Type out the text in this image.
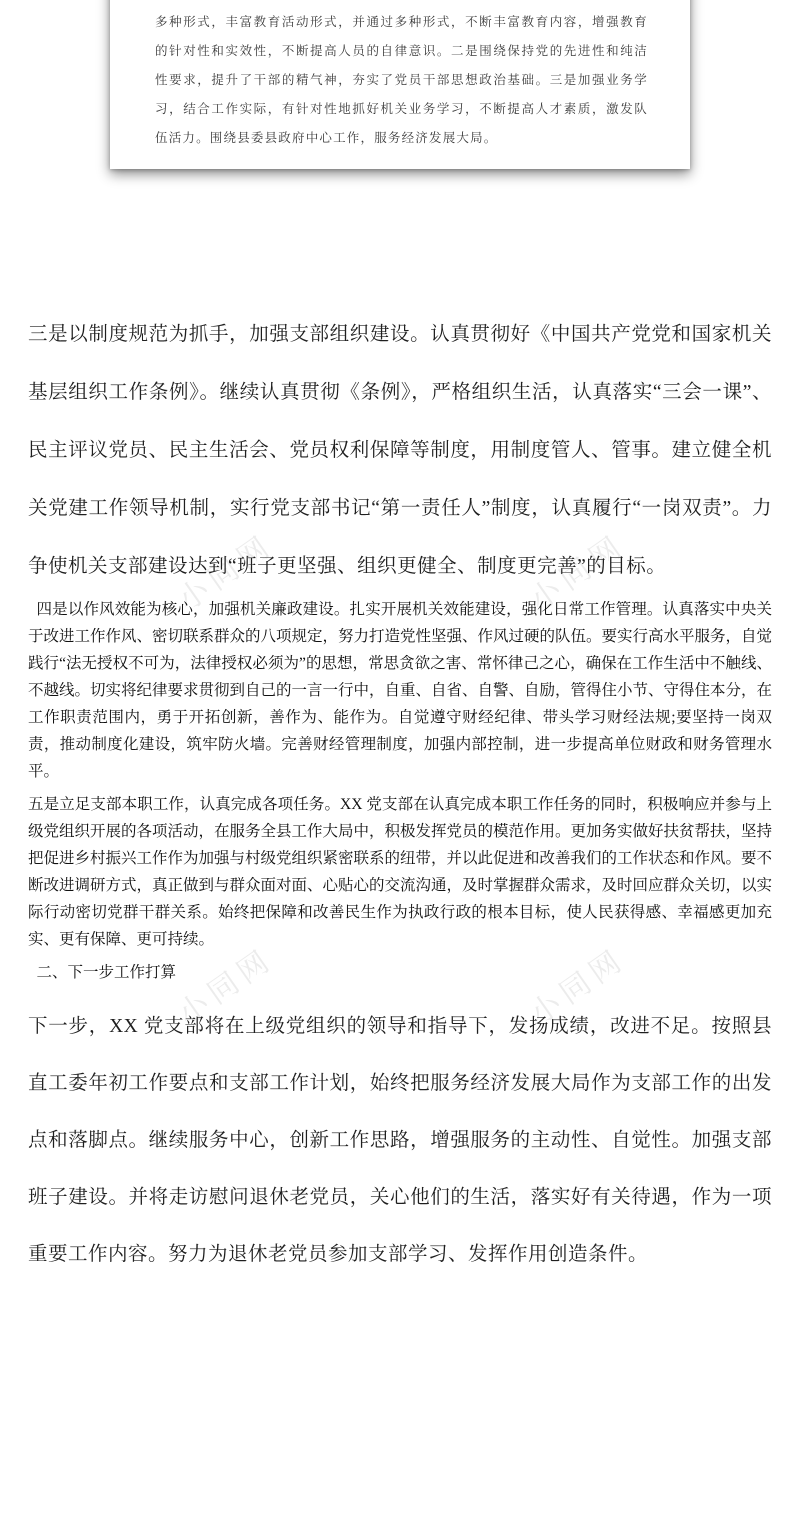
小同网	小同网
小同网	小同网

多种形式，丰富教育活动形式，并通过多种形式，不断丰富教育内容，增强教育的针对性和实效性，不断提高人员的自律意识。二是围绕保持党的先进性和纯洁性要求，提升了干部的精气神，夯实了党员干部思想政治基础。三是加强业务学习，结合工作实际，有针对性地抓好机关业务学习，不断提高人才素质，激发队伍活力。围绕县委县政府中心工作，服务经济发展大局。

三是以制度规范为抓手，加强支部组织建设。认真贯彻好《中国共产党党和国家机关基层组织工作条例》。继续认真贯彻《条例》，严格组织生活，认真落实“三会一课”、民主评议党员、民主生活会、党员权利保障等制度，用制度管人、管事。建立健全机关党建工作领导机制，实行党支部书记“第一责任人”制度，认真履行“一岗双责”。力争使机关支部建设达到“班子更坚强、组织更健全、制度更完善”的目标。

四是以作风效能为核心，加强机关廉政建设。扎实开展机关效能建设，强化日常工作管理。认真落实中央关于改进工作作风、密切联系群众的八项规定，努力打造党性坚强、作风过硬的队伍。要实行高水平服务，自觉践行“法无授权不可为，法律授权必须为”的思想，常思贪欲之害、常怀律己之心，确保在工作生活中不触线、不越线。切实将纪律要求贯彻到自己的一言一行中，自重、自省、自警、自励，管得住小节、守得住本分，在工作职责范围内，勇于开拓创新，善作为、能作为。自觉遵守财经纪律、带头学习财经法规;要坚持一岗双责，推动制度化建设，筑牢防火墙。完善财经管理制度，加强内部控制，进一步提高单位财政和财务管理水平。

五是立足支部本职工作，认真完成各项任务。XX 党支部在认真完成本职工作任务的同时，积极响应并参与上级党组织开展的各项活动，在服务全县工作大局中，积极发挥党员的模范作用。更加务实做好扶贫帮扶，坚持把促进乡村振兴工作作为加强与村级党组织紧密联系的纽带，并以此促进和改善我们的工作状态和作风。要不断改进调研方式，真正做到与群众面对面、心贴心的交流沟通，及时掌握群众需求，及时回应群众关切，以实际行动密切党群干群关系。始终把保障和改善民生作为执政行政的根本目标，使人民获得感、幸福感更加充实、更有保障、更可持续。

二、下一步工作打算

下一步，XX 党支部将在上级党组织的领导和指导下，发扬成绩，改进不足。按照县直工委年初工作要点和支部工作计划，始终把服务经济发展大局作为支部工作的出发点和落脚点。继续服务中心，创新工作思路，增强服务的主动性、自觉性。加强支部班子建设。并将走访慰问退休老党员，关心他们的生活，落实好有关待遇，作为一项重要工作内容。努力为退休老党员参加支部学习、发挥作用创造条件。
